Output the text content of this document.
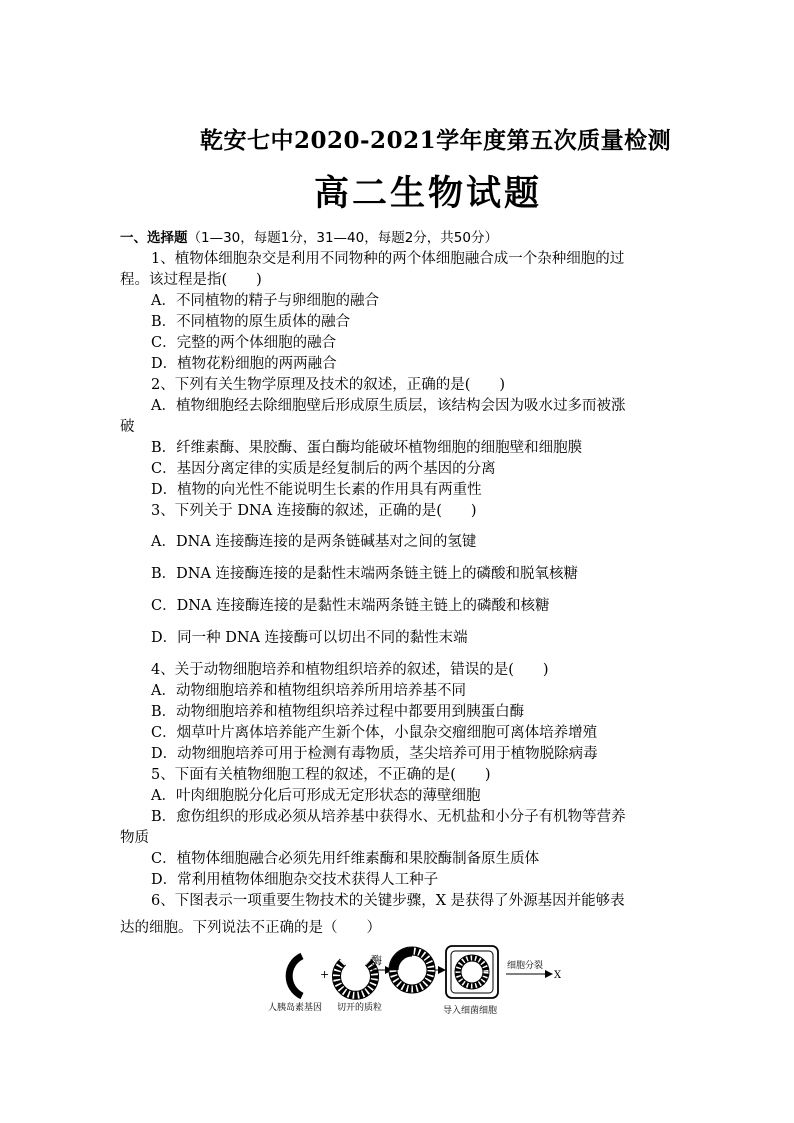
乾安七中2020-2021学年度第五次质量检测
高二生物试题
一、选择题（1—30，每题1分，31—40，每题2分，共50分）
1、植物体细胞杂交是利用不同物种的两个体细胞融合成一个杂种细胞的过
程。该过程是指(　　)
A．不同植物的精子与卵细胞的融合
B．不同植物的原生质体的融合
C．完整的两个体细胞的融合
D．植物花粉细胞的两两融合
2、下列有关生物学原理及技术的叙述，正确的是(　　)
A．植物细胞经去除细胞壁后形成原生质层，该结构会因为吸水过多而被涨
破
B．纤维素酶、果胶酶、蛋白酶均能破坏植物细胞的细胞壁和细胞膜
C．基因分离定律的实质是经复制后的两个基因的分离
D．植物的向光性不能说明生长素的作用具有两重性
3、下列关于 DNA 连接酶的叙述，正确的是(　　)
A．DNA 连接酶连接的是两条链碱基对之间的氢键
B．DNA 连接酶连接的是黏性末端两条链主链上的磷酸和脱氧核糖
C．DNA 连接酶连接的是黏性末端两条链主链上的磷酸和核糖
D．同一种 DNA 连接酶可以切出不同的黏性末端
4、关于动物细胞培养和植物组织培养的叙述，错误的是(　　)
A．动物细胞培养和植物组织培养所用培养基不同
B．动物细胞培养和植物组织培养过程中都要用到胰蛋白酶
C．烟草叶片离体培养能产生新个体，小鼠杂交瘤细胞可离体培养增殖
D．动物细胞培养可用于检测有毒物质，茎尖培养可用于植物脱除病毒
5、下面有关植物细胞工程的叙述，不正确的是(　　)
A．叶肉细胞脱分化后可形成无定形状态的薄壁细胞
B．愈伤组织的形成必须从培养基中获得水、无机盐和小分子有机物等营养
物质
C．植物体细胞融合必须先用纤维素酶和果胶酶制备原生质体
D．常利用植物体细胞杂交技术获得人工种子
6、下图表示一项重要生物技术的关键步骤，X 是获得了外源基因并能够表
达的细胞。下列说法不正确的是（　　）
+
酶	细胞分裂
X
人胰岛素基因 切开的质粒	导入细菌细胞
